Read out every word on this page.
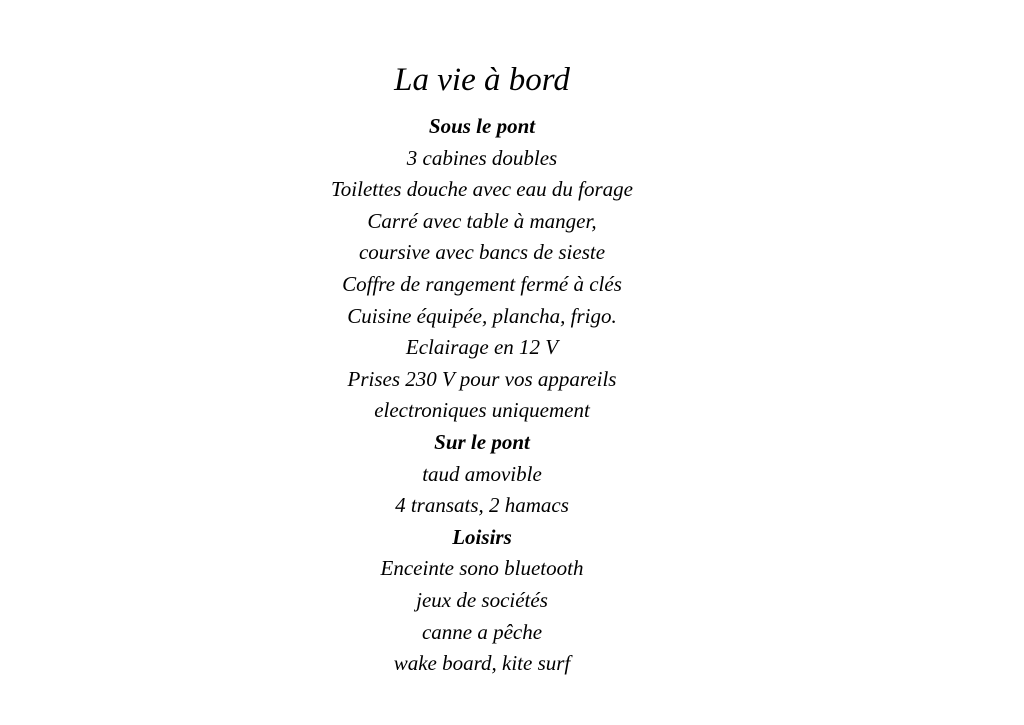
La vie à bord
Sous le pont
3 cabines doubles
Toilettes douche avec eau du forage
Carré avec table à manger,
coursive avec bancs de sieste
Coffre de rangement fermé à clés
Cuisine équipée, plancha, frigo.
Eclairage en 12 V
Prises 230 V pour vos appareils
electroniques uniquement
Sur le pont
taud amovible
4 transats, 2 hamacs
Loisirs
Enceinte sono bluetooth
jeux de sociétés
canne a pêche
wake board, kite surf
